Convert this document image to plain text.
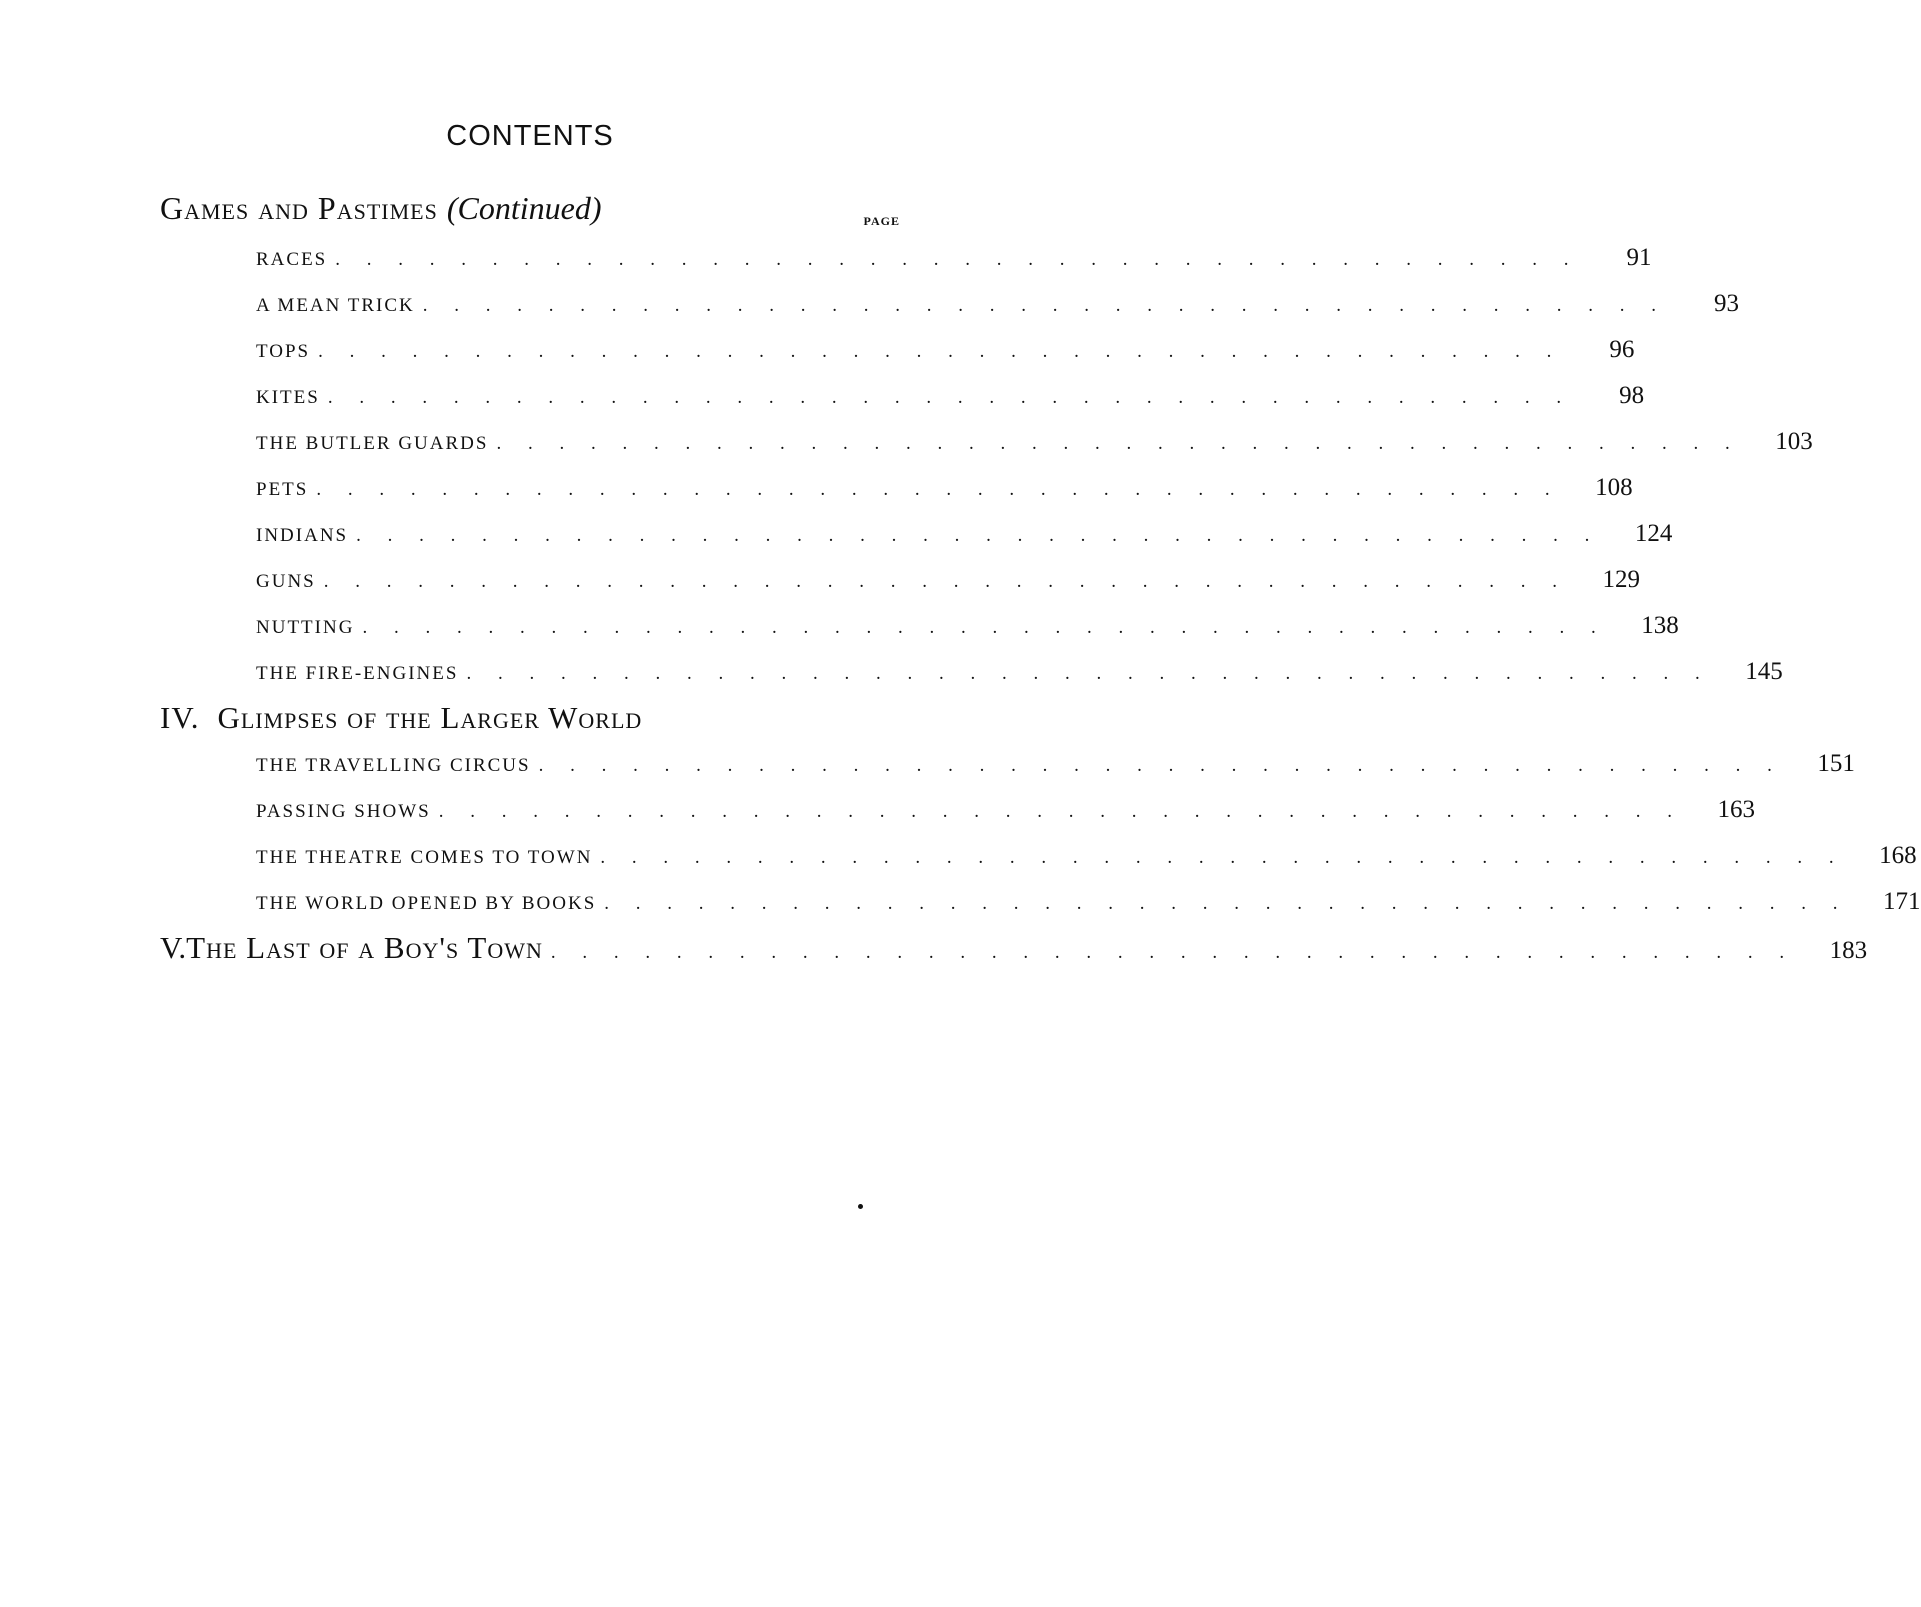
CONTENTS
Games and Pastimes (Continued)	PAGE
RACES . . . . . . . . . . . . . . . . . . . . . . . . . . . . . . . . . . . . . . . .	91
A MEAN TRICK . . . . . . . . . . . . . . . . . . . . . . . . . . . . . . . . . . . . . . . .	93
TOPS . . . . . . . . . . . . . . . . . . . . . . . . . . . . . . . . . . . . . . . .	96
KITES . . . . . . . . . . . . . . . . . . . . . . . . . . . . . . . . . . . . . . . .	98
THE BUTLER GUARDS . . . . . . . . . . . . . . . . . . . . . . . . . . . . . . . . . . . . . . . .	103
PETS . . . . . . . . . . . . . . . . . . . . . . . . . . . . . . . . . . . . . . . .	108
INDIANS . . . . . . . . . . . . . . . . . . . . . . . . . . . . . . . . . . . . . . . .	124
GUNS . . . . . . . . . . . . . . . . . . . . . . . . . . . . . . . . . . . . . . . .	129
NUTTING . . . . . . . . . . . . . . . . . . . . . . . . . . . . . . . . . . . . . . . .	138
THE FIRE-ENGINES . . . . . . . . . . . . . . . . . . . . . . . . . . . . . . . . . . . . . . . .	145
IV. Glimpses of the Larger World
THE TRAVELLING CIRCUS . . . . . . . . . . . . . . . . . . . . . . . . . . . . . . . . . . . . . . . .	151
PASSING SHOWS . . . . . . . . . . . . . . . . . . . . . . . . . . . . . . . . . . . . . . . .	163
THE THEATRE COMES TO TOWN . . . . . . . . . . . . . . . . . . . . . . . . . . . . . . . . . . . . . . . .	168
THE WORLD OPENED BY BOOKS . . . . . . . . . . . . . . . . . . . . . . . . . . . . . . . . . . . . . . . .	171
V. The Last of a Boy's Town . . . . . . . . . . . . . . . . . . . . . . . . . . . . . . . . . . . . . . . .	183
